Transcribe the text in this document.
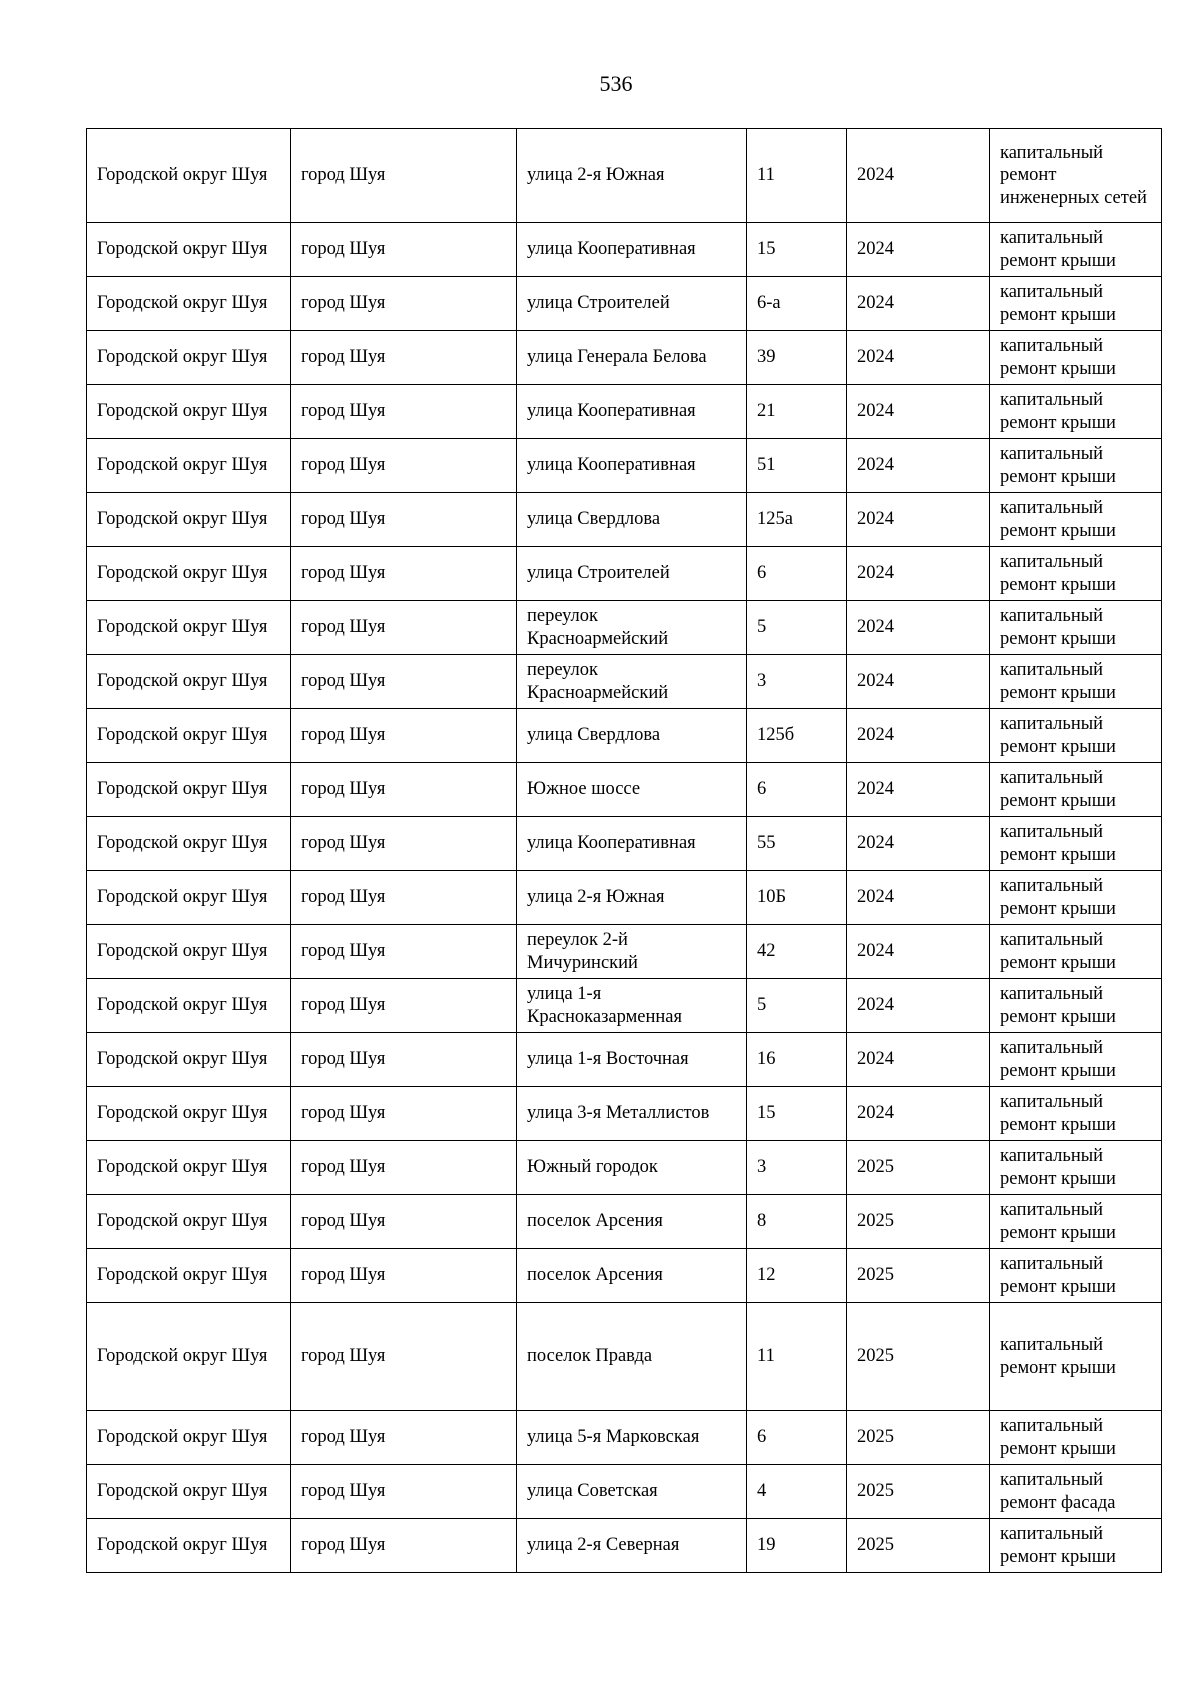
536
Городской округ Шуя	город Шуя	улица 2-я Южная	11	2024	капитальный ремонт инженерных сетей
Городской округ Шуя	город Шуя	улица Кооперативная	15	2024	капитальный ремонт крыши
Городской округ Шуя	город Шуя	улица Строителей	6-а	2024	капитальный ремонт крыши
Городской округ Шуя	город Шуя	улица Генерала Белова	39	2024	капитальный ремонт крыши
Городской округ Шуя	город Шуя	улица Кооперативная	21	2024	капитальный ремонт крыши
Городской округ Шуя	город Шуя	улица Кооперативная	51	2024	капитальный ремонт крыши
Городской округ Шуя	город Шуя	улица Свердлова	125а	2024	капитальный ремонт крыши
Городской округ Шуя	город Шуя	улица Строителей	6	2024	капитальный ремонт крыши
Городской округ Шуя	город Шуя	переулок Красноармейский	5	2024	капитальный ремонт крыши
Городской округ Шуя	город Шуя	переулок Красноармейский	3	2024	капитальный ремонт крыши
Городской округ Шуя	город Шуя	улица Свердлова	125б	2024	капитальный ремонт крыши
Городской округ Шуя	город Шуя	Южное шоссе	6	2024	капитальный ремонт крыши
Городской округ Шуя	город Шуя	улица Кооперативная	55	2024	капитальный ремонт крыши
Городской округ Шуя	город Шуя	улица 2-я Южная	10Б	2024	капитальный ремонт крыши
Городской округ Шуя	город Шуя	переулок 2-й Мичуринский	42	2024	капитальный ремонт крыши
Городской округ Шуя	город Шуя	улица 1-я Красноказарменная	5	2024	капитальный ремонт крыши
Городской округ Шуя	город Шуя	улица 1-я Восточная	16	2024	капитальный ремонт крыши
Городской округ Шуя	город Шуя	улица 3-я Металлистов	15	2024	капитальный ремонт крыши
Городской округ Шуя	город Шуя	Южный городок	3	2025	капитальный ремонт крыши
Городской округ Шуя	город Шуя	поселок Арсения	8	2025	капитальный ремонт крыши
Городской округ Шуя	город Шуя	поселок Арсения	12	2025	капитальный ремонт крыши
Городской округ Шуя	город Шуя	поселок Правда	11	2025	капитальный ремонт крыши
Городской округ Шуя	город Шуя	улица 5-я Марковская	6	2025	капитальный ремонт крыши
Городской округ Шуя	город Шуя	улица Советская	4	2025	капитальный ремонт фасада
Городской округ Шуя	город Шуя	улица 2-я Северная	19	2025	капитальный ремонт крыши
